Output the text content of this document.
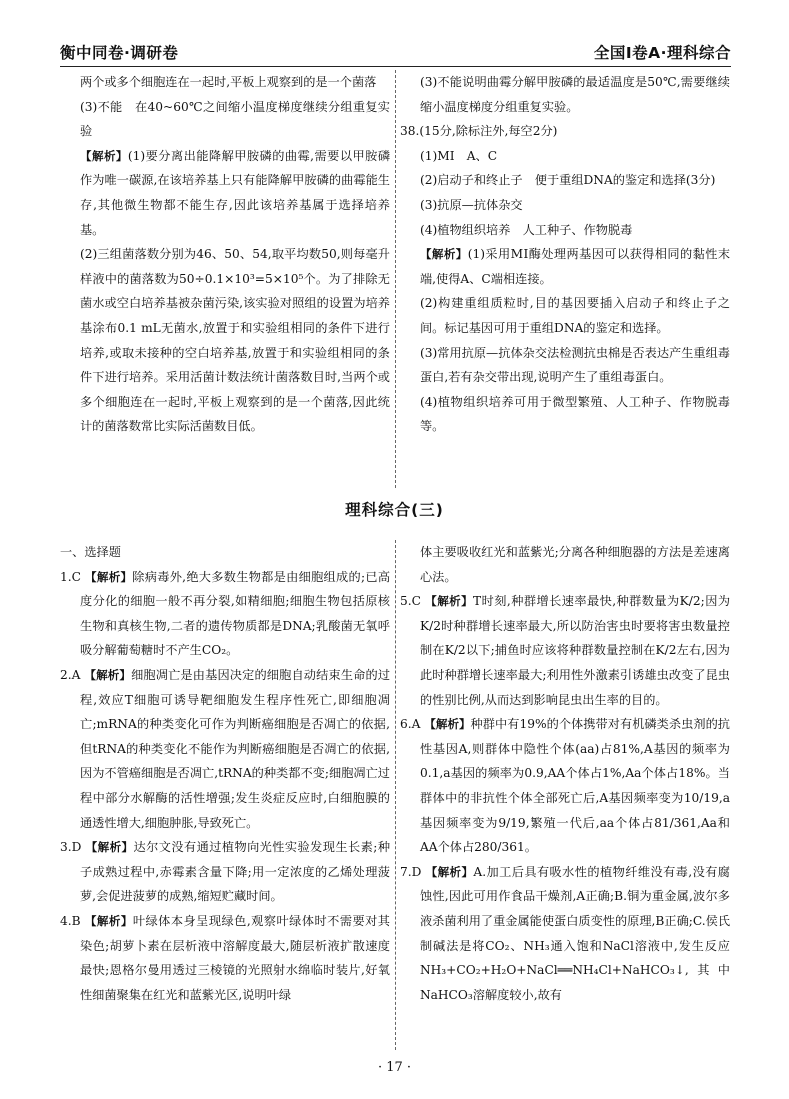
衡中同卷·调研卷	全国Ⅰ卷A·理科综合

两个或多个细胞连在一起时,平板上观察到的是一个菌落

(3)不能　在40~60℃之间缩小温度梯度继续分组重复实验

【解析】(1)要分离出能降解甲胺磷的曲霉,需要以甲胺磷作为唯一碳源,在该培养基上只有能降解甲胺磷的曲霉能生存,其他微生物都不能生存,因此该培养基属于选择培养基。

(2)三组菌落数分别为46、50、54,取平均数50,则每毫升样液中的菌落数为50÷0.1×10³=5×10⁵个。为了排除无菌水或空白培养基被杂菌污染,该实验对照组的设置为培养基涂布0.1 mL无菌水,放置于和实验组相同的条件下进行培养,或取未接种的空白培养基,放置于和实验组相同的条件下进行培养。采用活菌计数法统计菌落数目时,当两个或多个细胞连在一起时,平板上观察到的是一个菌落,因此统计的菌落数常比实际活菌数目低。

(3)不能说明曲霉分解甲胺磷的最适温度是50℃,需要继续缩小温度梯度分组重复实验。

38.(15分,除标注外,每空2分)

(1)MⅠ　A、C

(2)启动子和终止子　便于重组DNA的鉴定和选择(3分)

(3)抗原—抗体杂交

(4)植物组织培养　人工种子、作物脱毒

【解析】(1)采用MⅠ酶处理两基因可以获得相同的黏性末端,使得A、C端相连接。

(2)构建重组质粒时,目的基因要插入启动子和终止子之间。标记基因可用于重组DNA的鉴定和选择。

(3)常用抗原—抗体杂交法检测抗虫棉是否表达产生重组毒蛋白,若有杂交带出现,说明产生了重组毒蛋白。

(4)植物组织培养可用于微型繁殖、人工种子、作物脱毒等。

理科综合(三)

一、选择题

1.C 【解析】除病毒外,绝大多数生物都是由细胞组成的;已高度分化的细胞一般不再分裂,如精细胞;细胞生物包括原核生物和真核生物,二者的遗传物质都是DNA;乳酸菌无氧呼吸分解葡萄糖时不产生CO₂。

2.A 【解析】细胞凋亡是由基因决定的细胞自动结束生命的过程,效应T细胞可诱导靶细胞发生程序性死亡,即细胞凋亡;mRNA的种类变化可作为判断癌细胞是否凋亡的依据,但tRNA的种类变化不能作为判断癌细胞是否凋亡的依据,因为不管癌细胞是否凋亡,tRNA的种类都不变;细胞凋亡过程中部分水解酶的活性增强;发生炎症反应时,白细胞膜的通透性增大,细胞肿胀,导致死亡。

3.D 【解析】达尔文没有通过植物向光性实验发现生长素;种子成熟过程中,赤霉素含量下降;用一定浓度的乙烯处理菠萝,会促进菠萝的成熟,缩短贮藏时间。

4.B 【解析】叶绿体本身呈现绿色,观察叶绿体时不需要对其染色;胡萝卜素在层析液中溶解度最大,随层析液扩散速度最快;恩格尔曼用透过三棱镜的光照射水绵临时装片,好氧性细菌聚集在红光和蓝紫光区,说明叶绿

体主要吸收红光和蓝紫光;分离各种细胞器的方法是差速离心法。

5.C 【解析】T时刻,种群增长速率最快,种群数量为K/2;因为K/2时种群增长速率最大,所以防治害虫时要将害虫数量控制在K/2以下;捕鱼时应该将种群数量控制在K/2左右,因为此时种群增长速率最大;利用性外激素引诱雄虫改变了昆虫的性别比例,从而达到影响昆虫出生率的目的。

6.A 【解析】种群中有19%的个体携带对有机磷类杀虫剂的抗性基因A,则群体中隐性个体(aa)占81%,A基因的频率为0.1,a基因的频率为0.9,AA个体占1%,Aa个体占18%。当群体中的非抗性个体全部死亡后,A基因频率变为10/19,a基因频率变为9/19,繁殖一代后,aa个体占81/361,Aa和AA个体占280/361。

7.D 【解析】A.加工后具有吸水性的植物纤维没有毒,没有腐蚀性,因此可用作食品干燥剂,A正确;B.铜为重金属,波尔多液杀菌利用了重金属能使蛋白质变性的原理,B正确;C.侯氏制碱法是将CO₂、NH₃通入饱和NaCl溶液中,发生反应NH₃+CO₂+H₂O+NaCl══NH₄Cl+NaHCO₃↓,其中NaHCO₃溶解度较小,故有

· 17 ·
